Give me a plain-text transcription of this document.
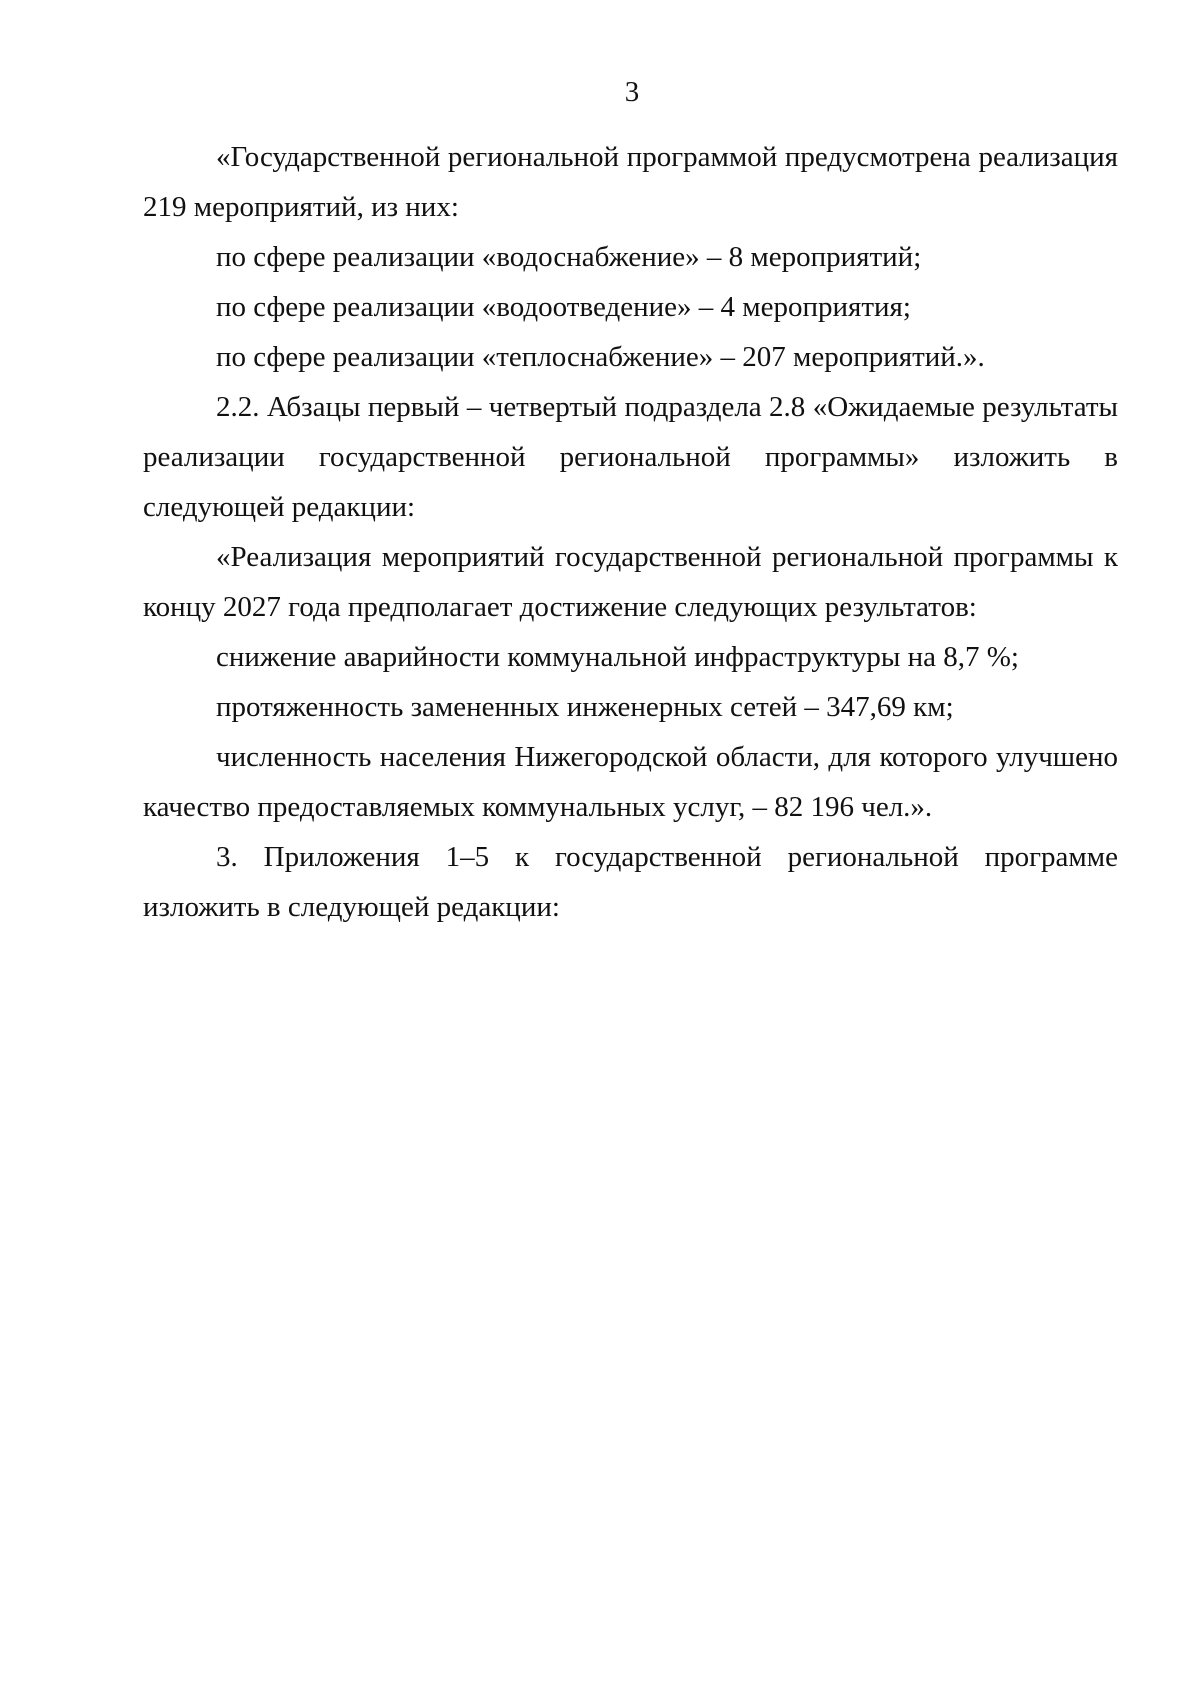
3

«Государственной региональной программой предусмотрена реализация 219 мероприятий, из них:

по сфере реализации «водоснабжение» – 8 мероприятий;

по сфере реализации «водоотведение» – 4 мероприятия;

по сфере реализации «теплоснабжение» – 207 мероприятий.».

2.2. Абзацы первый – четвертый подраздела 2.8 «Ожидаемые результаты реализации государственной региональной программы» изложить в следующей редакции:

«Реализация мероприятий государственной региональной программы к концу 2027 года предполагает достижение следующих результатов:

снижение аварийности коммунальной инфраструктуры на 8,7 %;

протяженность замененных инженерных сетей – 347,69 км;

численность населения Нижегородской области, для которого улучшено качество предоставляемых коммунальных услуг, – 82 196 чел.».

3. Приложения 1–5 к государственной региональной программе изложить в следующей редакции:
